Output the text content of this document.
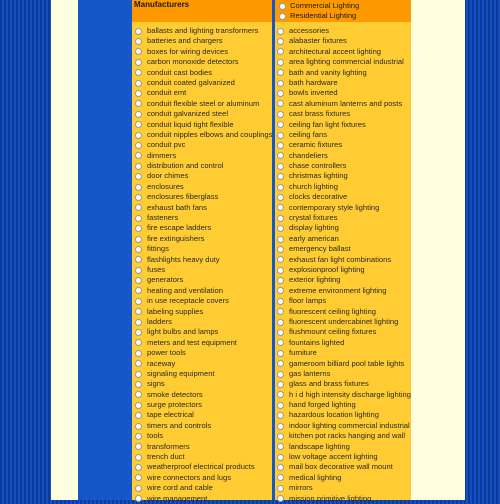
Manufacturers	Commercial Lighting
Residential Lighting
ballasts and lighting transformers
batteries and chargers
boxes for wiring devices
carbon monoxide detectors
conduit cast bodies
conduit coated galvanized
conduit emt
conduit flexible steel or aluminum
conduit galvanized steel
conduit liquid tight flexible
conduit nipples elbows and couplings
conduit pvc
dimmers
distribution and control
door chimes
enclosures
enclosures fiberglass
exhaust bath fans
fasteners
fire escape ladders
fire extinguishers
fittings
flashlights heavy duty
fuses
generators
heating and ventilation
in use receptacle covers
labeling supplies
ladders
light bulbs and lamps
meters and test equipment
power tools
raceway
signaling equipment
signs
smoke detectors
surge protectors
tape electrical
timers and controls
tools
transformers
trench duct
weatherproof electrical products
wire connectors and lugs
wire cord and cable
wire management
accessories
alabaster fixtures
architectural accent lighting
area lighting commercial industrial
bath and vanity lighting
bath hardware
bowls inverted
cast aluminum lanterns and posts
cast brass fixtures
ceiling fan light fixtures
ceiling fans
ceramic fixtures
chandeliers
chase controllers
christmas lighting
church lighting
clocks decorative
contemporary style lighting
crystal fixtures
display lighting
early american
emergency ballast
exhaust fan light combinations
explosionproof lighting
exterior lighting
extreme environment lighting
floor lamps
fluorescent ceiling lighting
fluorescent undercabinet lighting
flushmount ceiling fixtures
fountains lighted
furniture
gameroom billiard pool table lights
gas lanterns
glass and brass fixtures
h i d high intensity discharge lighting
hand forged lighting
hazardous location lighting
indoor lighting commercial industrial
kitchen pot racks hanging and wall
landscape lighting
low voltage accent lighting
mail box decorative wall mount
medical lighting
mirrors
mission primitive lighting
